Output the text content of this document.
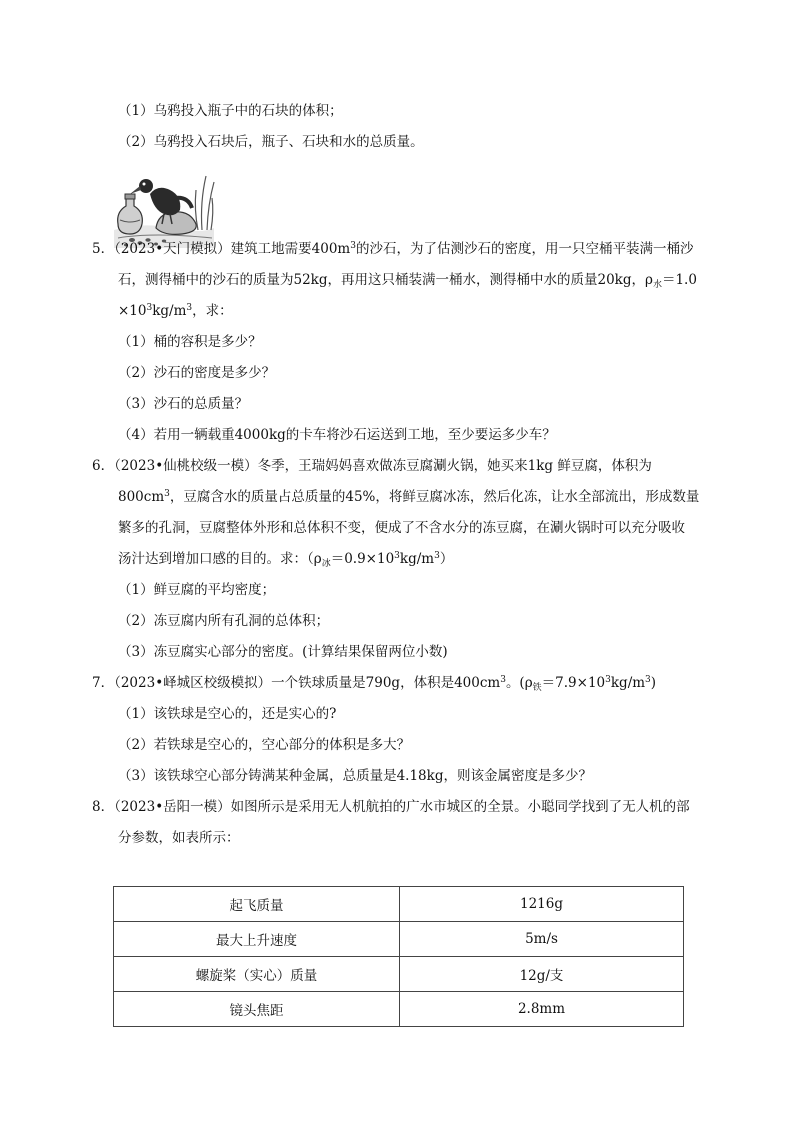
（1）乌鸦投入瓶子中的石块的体积；
（2）乌鸦投入石块后，瓶子、石块和水的总质量。
5．（2023•天门模拟）建筑工地需要$400m^3$的沙石，为了估测沙石的密度，用一只空桶平装满一桶沙
石，测得桶中的沙石的质量为52kg，再用这只桶装满一桶水，测得桶中水的质量20kg，$\rho_水=1.0$
$\times 10^3kg/m^3$，求：
（1）桶的容积是多少？
（2）沙石的密度是多少？
（3）沙石的总质量？
（4）若用一辆载重4000kg的卡车将沙石运送到工地，至少要运多少车？
6．（2023•仙桃校级一模）冬季，王瑞妈妈喜欢做冻豆腐涮火锅，她买来1kg 鲜豆腐，体积为
$800cm^3$，豆腐含水的质量占总质量的45%，将鲜豆腐冰冻，然后化冻，让水全部流出，形成数量
繁多的孔洞，豆腐整体外形和总体积不变，便成了不含水分的冻豆腐，在涮火锅时可以充分吸收
汤汁达到增加口感的目的。求：$(\rho_冰=0.9\times 10^3kg/m^3)$
（1）鲜豆腐的平均密度；
（2）冻豆腐内所有孔洞的总体积；
（3）冻豆腐实心部分的密度。(计算结果保留两位小数)
7．（2023•峄城区校级模拟）一个铁球质量是790g，体积是$400cm^3$。$(\rho_铁=7.9\times 10^3kg/m^3)$
（1）该铁球是空心的，还是实心的?
（2）若铁球是空心的，空心部分的体积是多大？
（3）该铁球空心部分铸满某种金属，总质量是4.18kg，则该金属密度是多少？
8．（2023•岳阳一模）如图所示是采用无人机航拍的广水市城区的全景。小聪同学找到了无人机的部
分参数，如表所示：
起飞质量	1216g
最大上升速度	5m/s
螺旋桨（实心）质量	12g/支
镜头焦距	2.8mm
